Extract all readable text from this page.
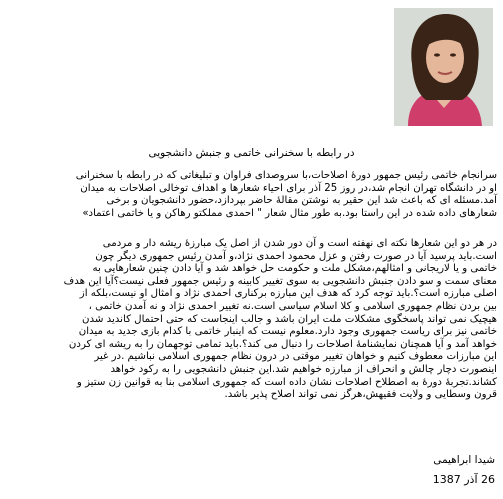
در رابطه با سخنرانی خاتمی و جنبش دانشجویی
سرانجام خاتمی رئیس جمهور دورۀ اصلاحات،با سروصدای فراوان و تبلیغاتی که در رابطه با سخنرانی
او در دانشگاه تهران انجام شد،در روز 25 آذر برای احیاء شعارها و اهداف توخالی اصلاحات به میدان
آمد.مسئله ای که باعث شد این حقیر به نوشتن مقالۀ حاضر بپردازد،حضور دانشجویان و برخی
شعارهای داده شده در این راستا بود.به طور مثال شعار " احمدی مملکتو رهاکن و یا خاتمی اعتماد»
در هر دو این شعارها نکته ای نهفته است و آن دور شدن از اصل یک مبارزۀ ریشه دار و مردمی
است.باید پرسید آیا در صورت رفتن و عزل محمود احمدی نژاد،و آمدن رئیس جمهوری دیگر چون
خاتمی و یا لاریجانی و امثالهم،مشکل ملت و حکومت حل خواهد شد و آیا دادن چنین شعارهایی به
معنای سمت و سو دادن جنبش دانشجویی به سوی تغییر کابینه و رئیس جمهور فعلی نیست؟آیا این هدف
اصلی مبارزه است؟.باید توجه کرد که هدف این مبارزه برکناری احمدی نژاد و امثال او نیست،بلکه از
بین بردن نظام جمهوری اسلامی و کلا اسلام سیاسی است.نه تغییر احمدی نژاد و نه آمدن خاتمی ،
هیچیک نمی تواند پاسخگوی مشکلات ملت ایران باشد و جالب اینجاست که حتی احتمال کاندید شدن
خاتمی نیز برای ریاست جمهوری وجود دارد.معلوم نیست که اینبار خاتمی با کدام بازی جدید به میدان
خواهد آمد و آیا همچنان نمایشنامۀ اصلاحات را دنبال می کند؟.باید تمامی توجهمان را به ریشه ای کردن
این مبارزات معطوف کنیم و خواهان تغییر موقتی در درون نظام جمهوری اسلامی نباشیم .در غیر
اینصورت دچار چالش و انحراف از مبارزه خواهیم شد.این جنبش دانشجویی را به رکود خواهد
کشاند.تجربۀ دورۀ به اصطلاح اصلاحات نشان داده است که جمهوری اسلامی بنا به قوانین زن ستیز و
قرون وسطایی و ولایت فقیهش،هرگز نمی تواند اصلاح پذیر باشد.
شیدا ابراهیمی
26 آذر 1387
